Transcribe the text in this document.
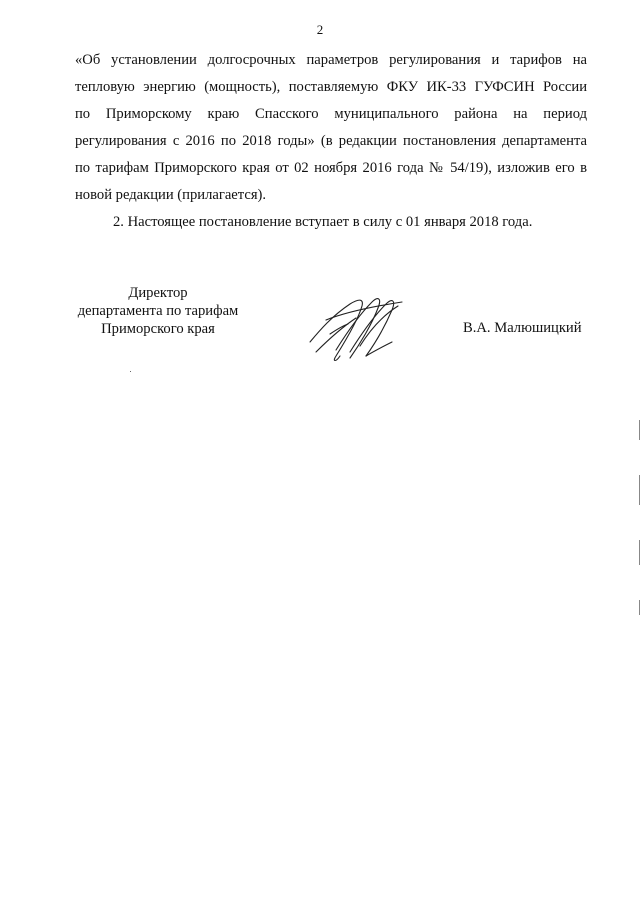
2
«Об установлении долгосрочных параметров регулирования и тарифов на
тепловую энергию (мощность), поставляемую ФКУ ИК-33 ГУФСИН России
по Приморскому краю Спасского муниципального района на период
регулирования с 2016 по 2018 годы» (в редакции постановления департамента
по тарифам Приморского края от 02 ноября 2016 года № 54/19), изложив его в
новой редакции (прилагается).
2. Настоящее постановление вступает в силу с 01 января 2018 года.
Директор
департамента по тарифам
Приморского края	В.А. Малюшицкий
